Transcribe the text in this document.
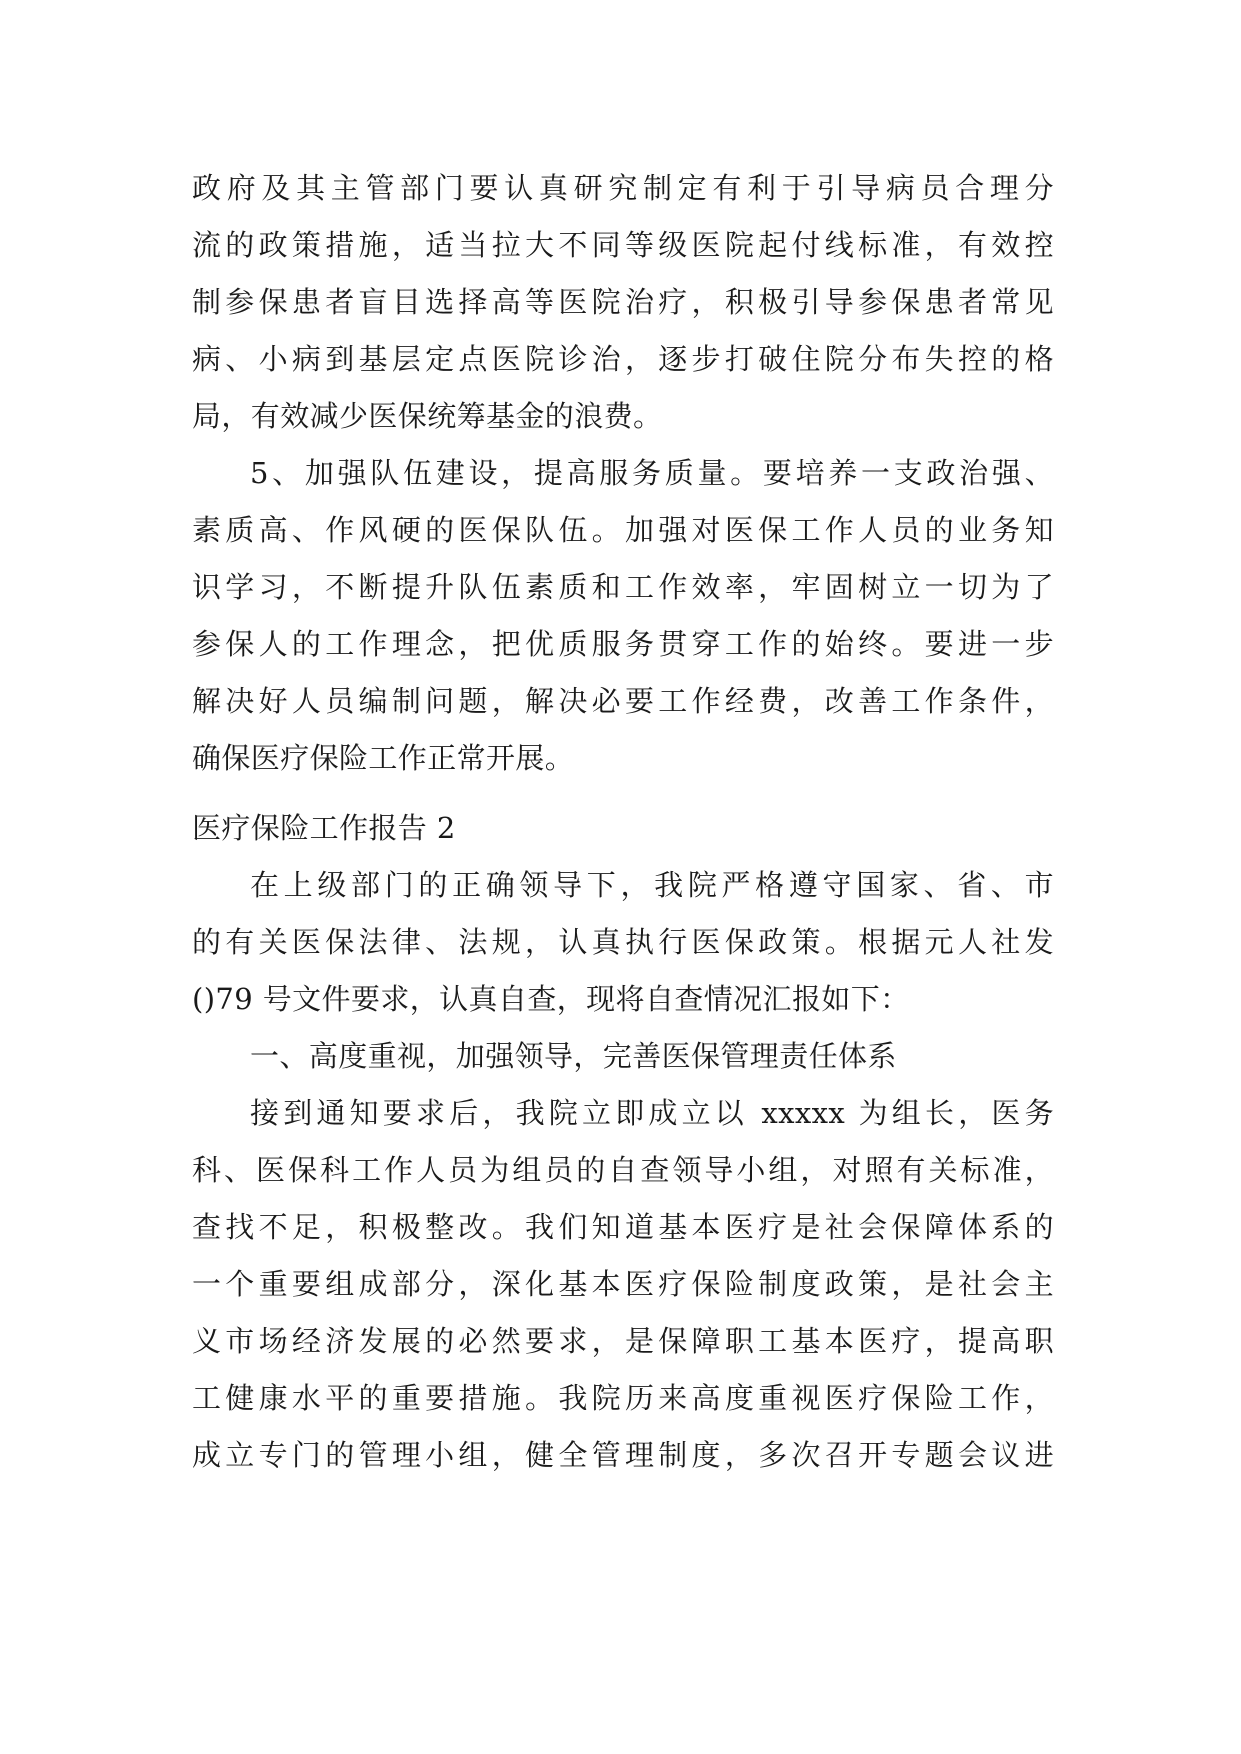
政府及其主管部门要认真研究制定有利于引导病员合理分
流的政策措施，适当拉大不同等级医院起付线标准，有效控
制参保患者盲目选择高等医院治疗，积极引导参保患者常见
病、小病到基层定点医院诊治，逐步打破住院分布失控的格
局，有效减少医保统筹基金的浪费。
5、加强队伍建设，提高服务质量。要培养一支政治强、
素质高、作风硬的医保队伍。加强对医保工作人员的业务知
识学习，不断提升队伍素质和工作效率，牢固树立一切为了
参保人的工作理念，把优质服务贯穿工作的始终。要进一步
解决好人员编制问题，解决必要工作经费，改善工作条件，
确保医疗保险工作正常开展。
医疗保险工作报告 2
在上级部门的正确领导下，我院严格遵守国家、省、市
的有关医保法律、法规，认真执行医保政策。根据元人社发
()79 号文件要求，认真自查，现将自查情况汇报如下：
一、高度重视，加强领导，完善医保管理责任体系
接到通知要求后，我院立即成立以 xxxxx 为组长，医务
科、医保科工作人员为组员的自查领导小组，对照有关标准，
查找不足，积极整改。我们知道基本医疗是社会保障体系的
一个重要组成部分，深化基本医疗保险制度政策，是社会主
义市场经济发展的必然要求，是保障职工基本医疗，提高职
工健康水平的重要措施。我院历来高度重视医疗保险工作，
成立专门的管理小组，健全管理制度，多次召开专题会议进
